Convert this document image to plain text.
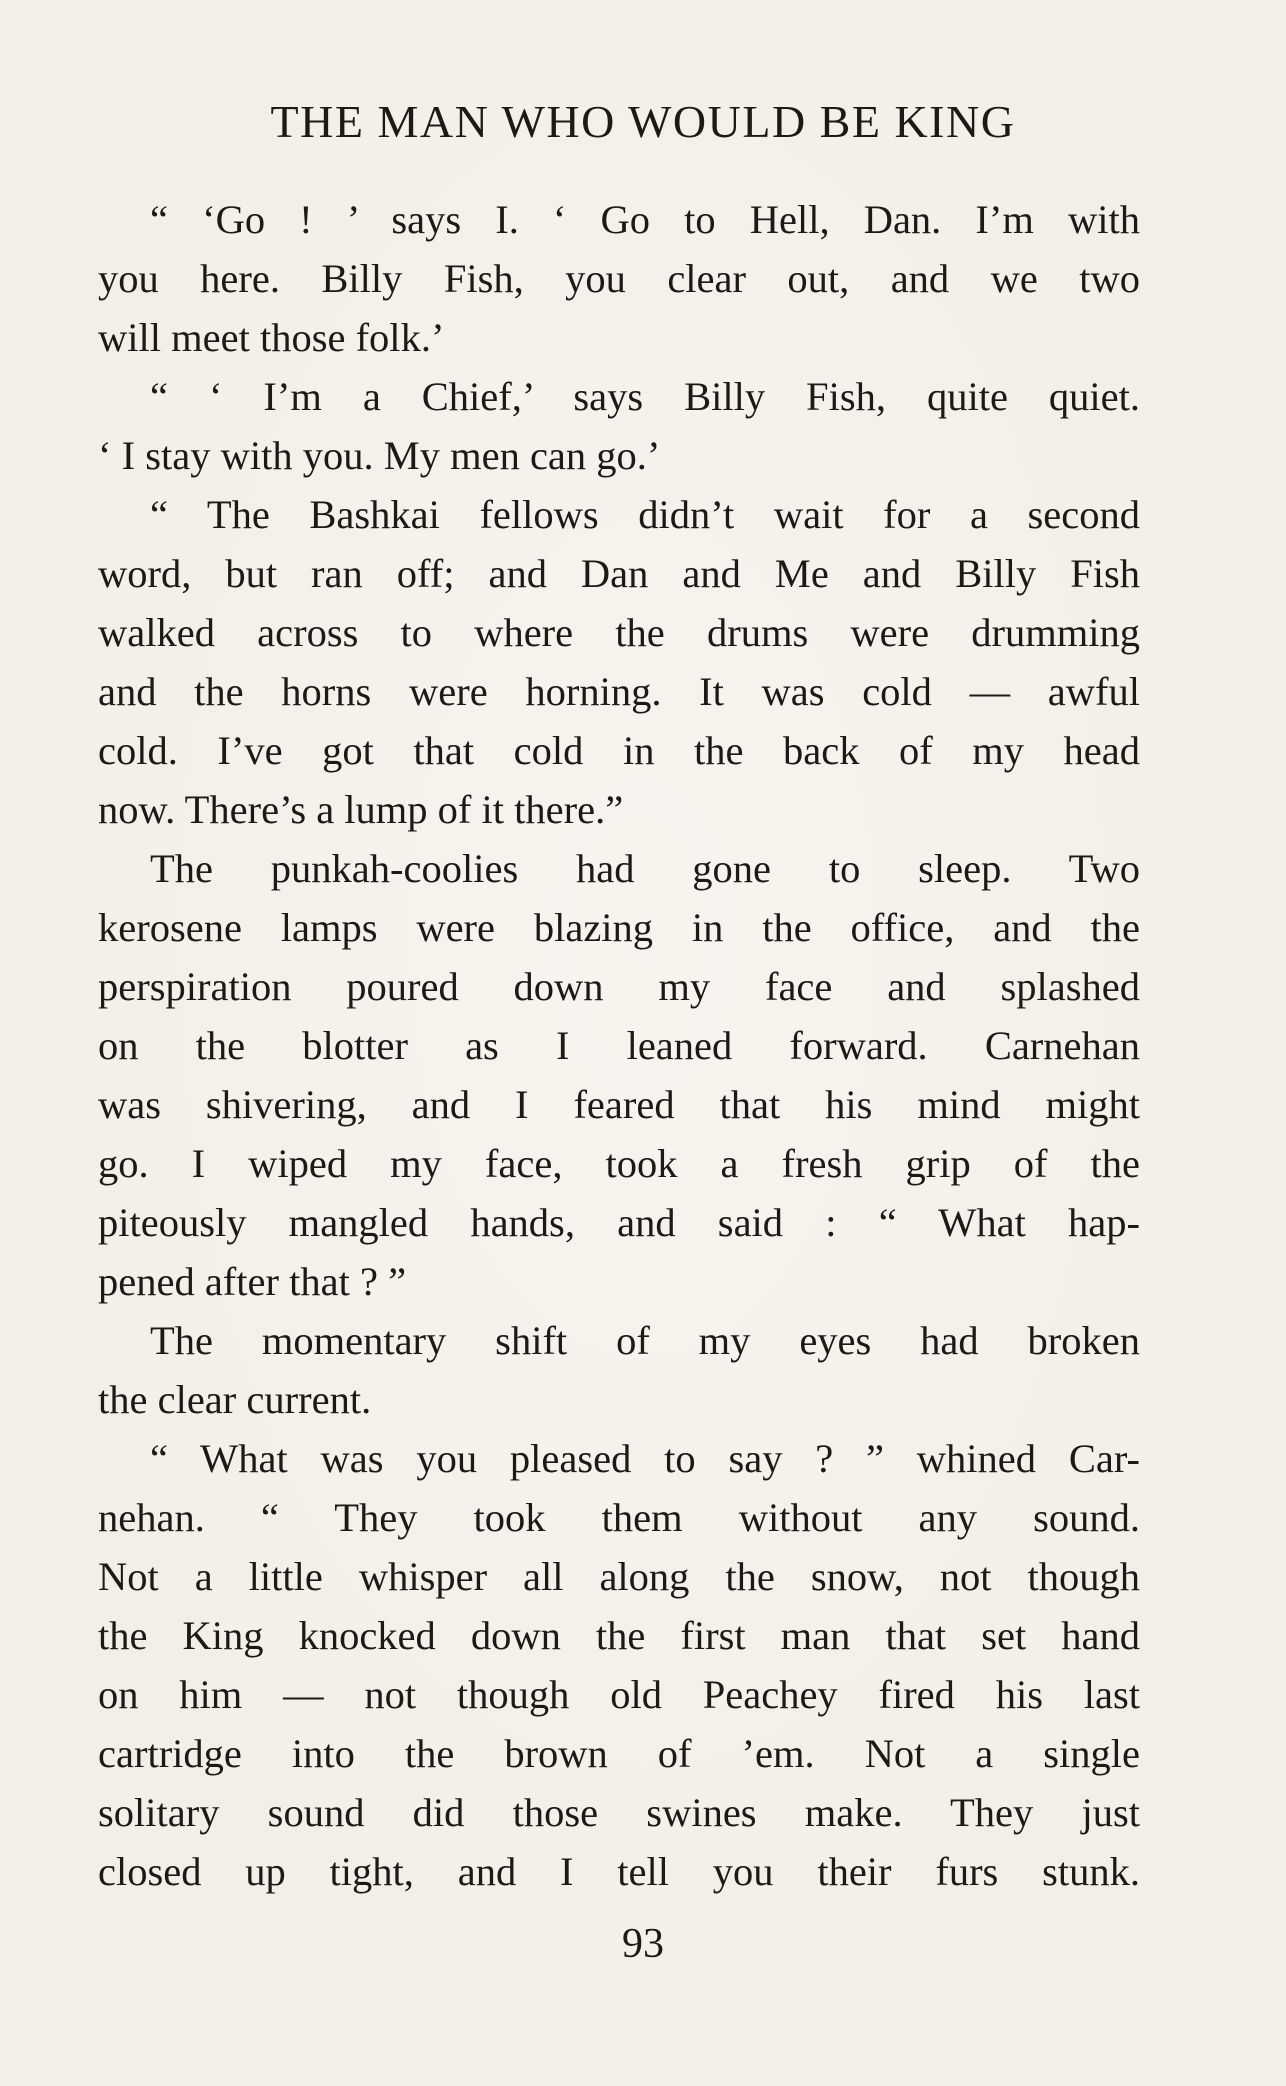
THE MAN WHO WOULD BE KING
“ ‘Go ! ’ says I. ‘ Go to Hell, Dan. I’m with
you here. Billy Fish, you clear out, and we two
will meet those folk.’
“ ‘ I’m a Chief,’ says Billy Fish, quite quiet.
‘ I stay with you. My men can go.’
“ The Bashkai fellows didn’t wait for a second
word, but ran off; and Dan and Me and Billy Fish
walked across to where the drums were drumming
and the horns were horning. It was cold — awful
cold. I’ve got that cold in the back of my head
now. There’s a lump of it there.”
The punkah-coolies had gone to sleep. Two
kerosene lamps were blazing in the office, and the
perspiration poured down my face and splashed
on the blotter as I leaned forward. Carnehan
was shivering, and I feared that his mind might
go. I wiped my face, took a fresh grip of the
piteously mangled hands, and said : “ What hap-
pened after that ? ”
The momentary shift of my eyes had broken
the clear current.
“ What was you pleased to say ? ” whined Car-
nehan. “ They took them without any sound.
Not a little whisper all along the snow, not though
the King knocked down the first man that set hand
on him — not though old Peachey fired his last
cartridge into the brown of ’em. Not a single
solitary sound did those swines make. They just
closed up tight, and I tell you their furs stunk.
93
